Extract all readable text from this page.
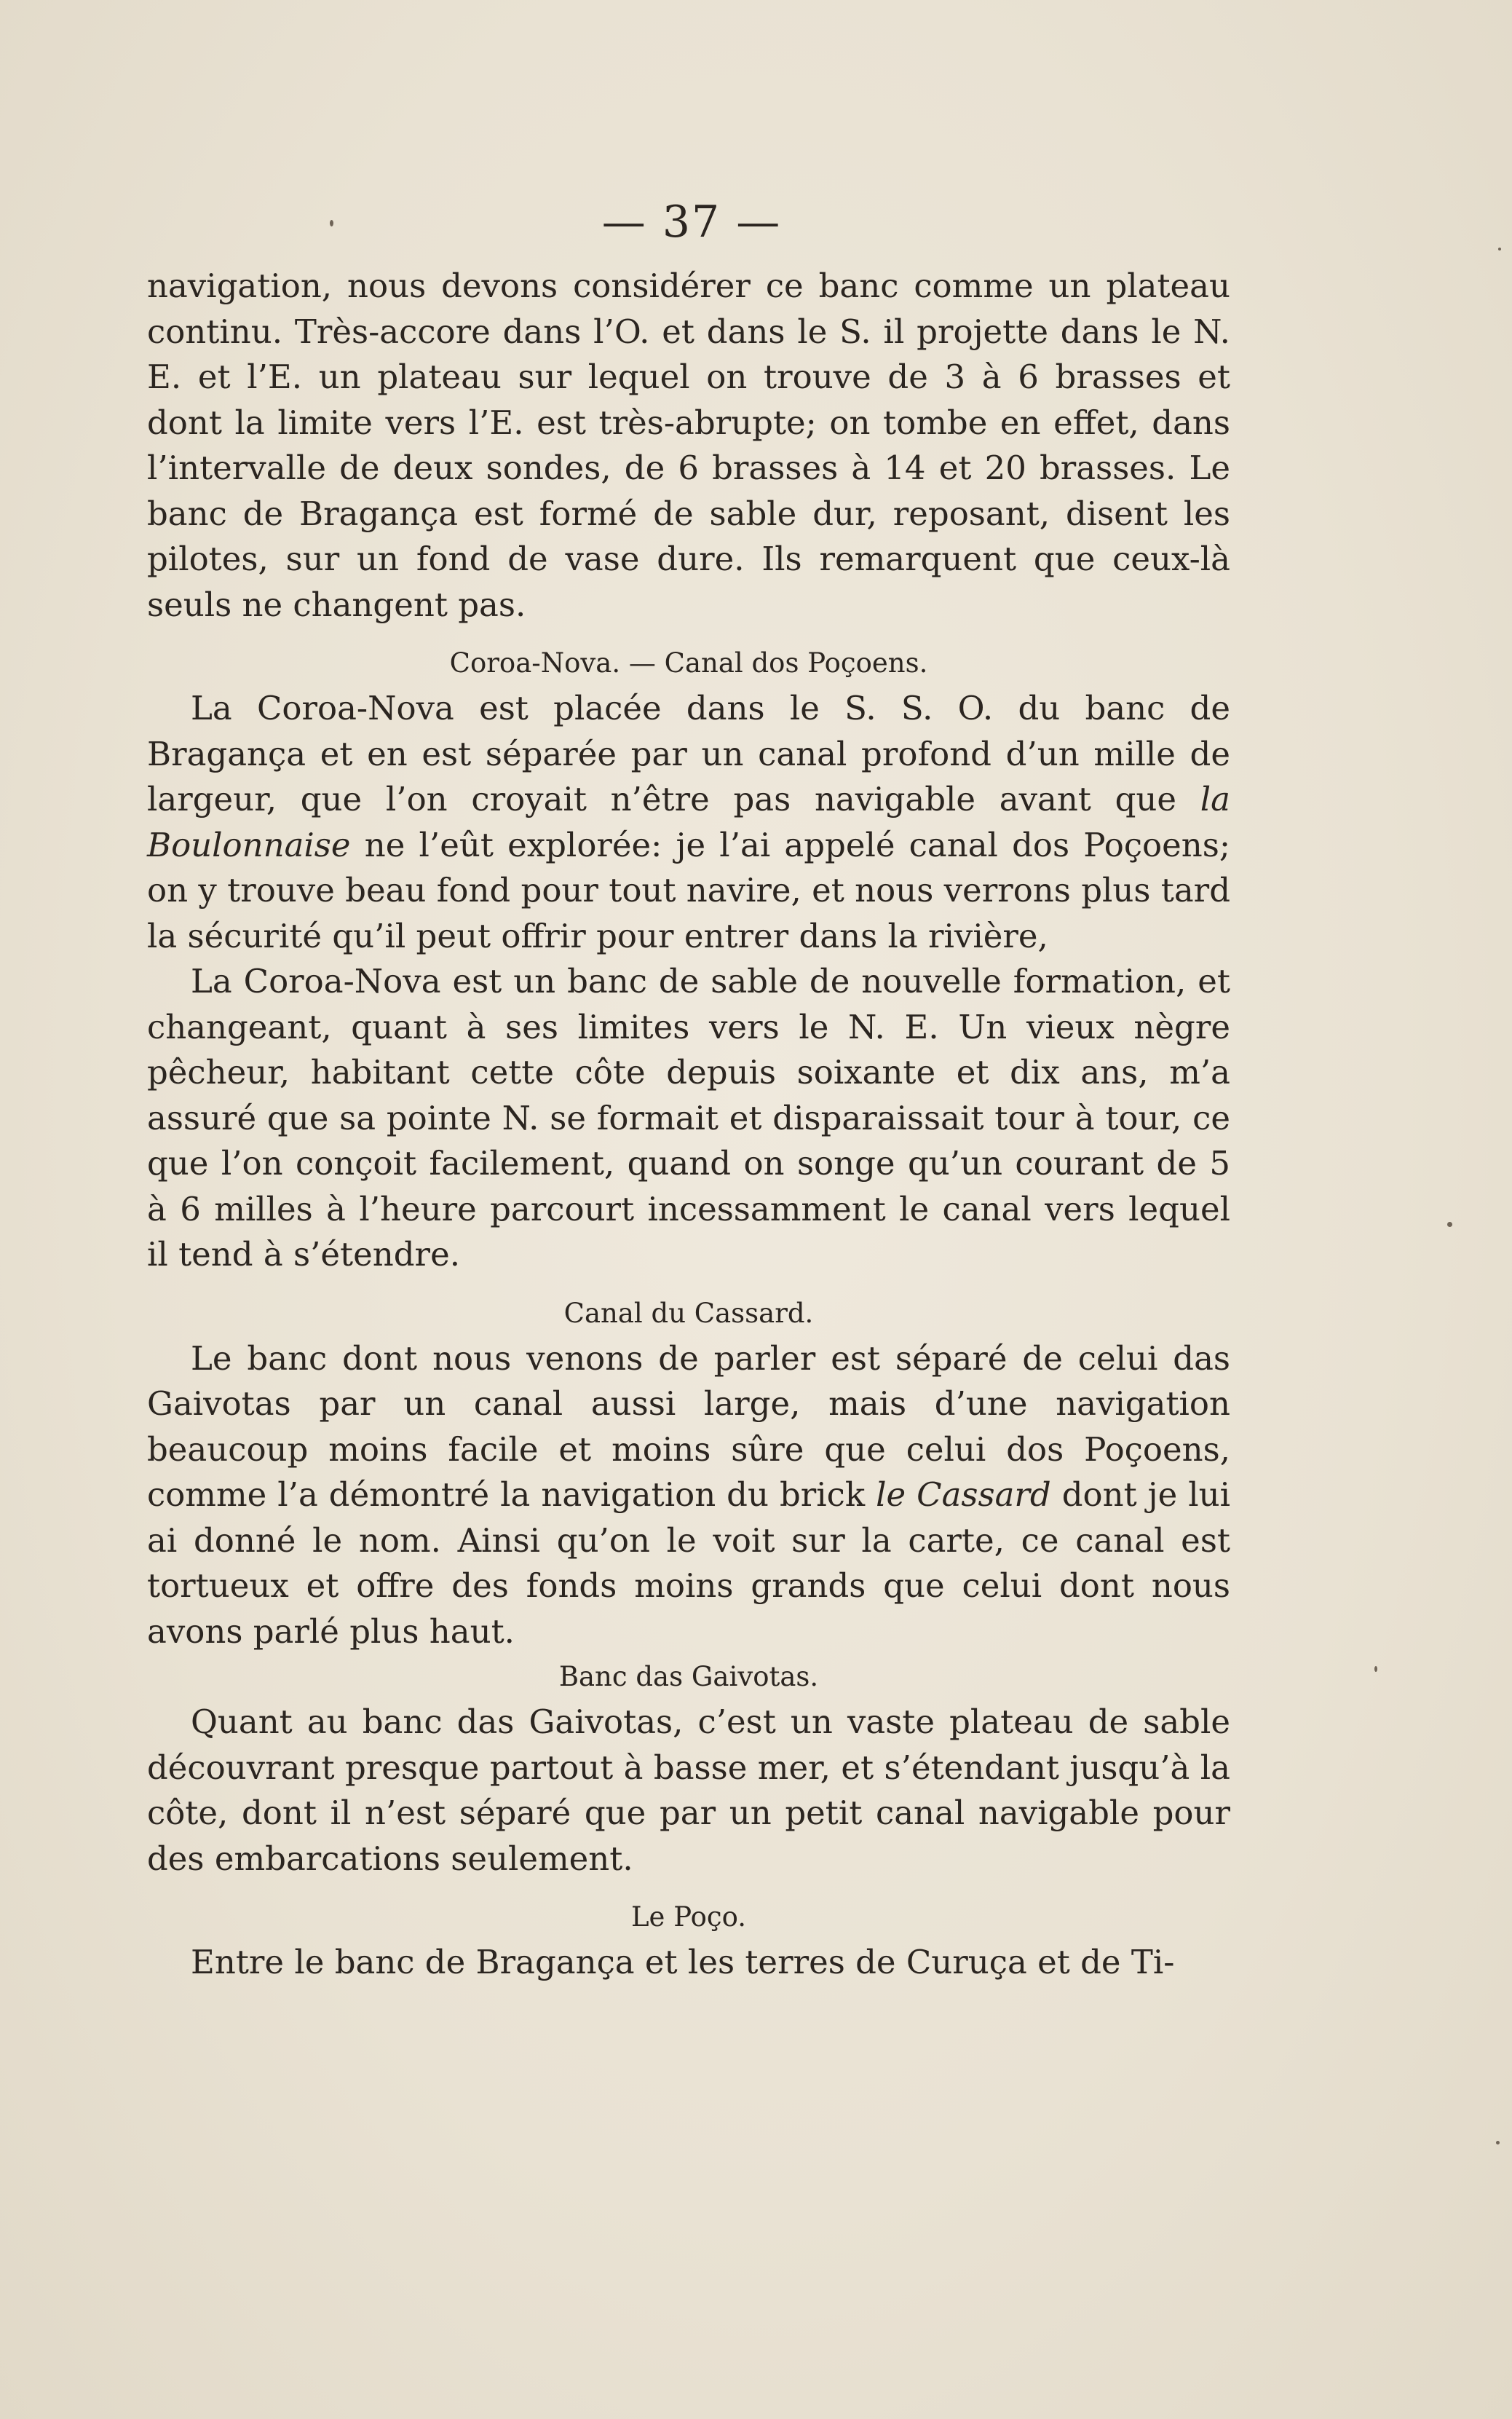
— 37 —

navigation, nous devons considérer ce banc comme un plateau continu. Très-accore dans l’O. et dans le S. il projette dans le N. E. et l’E. un plateau sur lequel on trouve de 3 à 6 brasses et dont la limite vers l’E. est très-abrupte; on tombe en effet, dans l’intervalle de deux sondes, de 6 brasses à 14 et 20 brasses. Le banc de Bragança est formé de sable dur, reposant, disent les pilotes, sur un fond de vase dure. Ils remarquent que ceux-là seuls ne changent pas.

Coroa-Nova. — Canal dos Poçoens.

La Coroa-Nova est placée dans le S. S. O. du banc de Bragança et en est séparée par un canal profond d’un mille de largeur, que l’on croyait n’être pas navigable avant que la Boulonnaise ne l’eût explorée: je l’ai appelé canal dos Poçoens; on y trouve beau fond pour tout navire, et nous verrons plus tard la sécurité qu’il peut offrir pour entrer dans la rivière,

La Coroa-Nova est un banc de sable de nouvelle formation, et changeant, quant à ses limites vers le N. E. Un vieux nègre pêcheur, habitant cette côte depuis soixante et dix ans, m’a assuré que sa pointe N. se formait et disparaissait tour à tour, ce que l’on conçoit facilement, quand on songe qu’un courant de 5 à 6 milles à l’heure parcourt incessamment le canal vers lequel il tend à s’étendre.

Canal du Cassard.

Le banc dont nous venons de parler est séparé de celui das Gaivotas par un canal aussi large, mais d’une navigation beaucoup moins facile et moins sûre que celui dos Poçoens, comme l’a démontré la navigation du brick le Cassard dont je lui ai donné le nom. Ainsi qu’on le voit sur la carte, ce canal est tortueux et offre des fonds moins grands que celui dont nous avons parlé plus haut.

Banc das Gaivotas.

Quant au banc das Gaivotas, c’est un vaste plateau de sable découvrant presque partout à basse mer, et s’étendant jusqu’à la côte, dont il n’est séparé que par un petit canal navigable pour des embarcations seulement.

Le Poço.

Entre le banc de Bragança et les terres de Curuça et de Ti-
